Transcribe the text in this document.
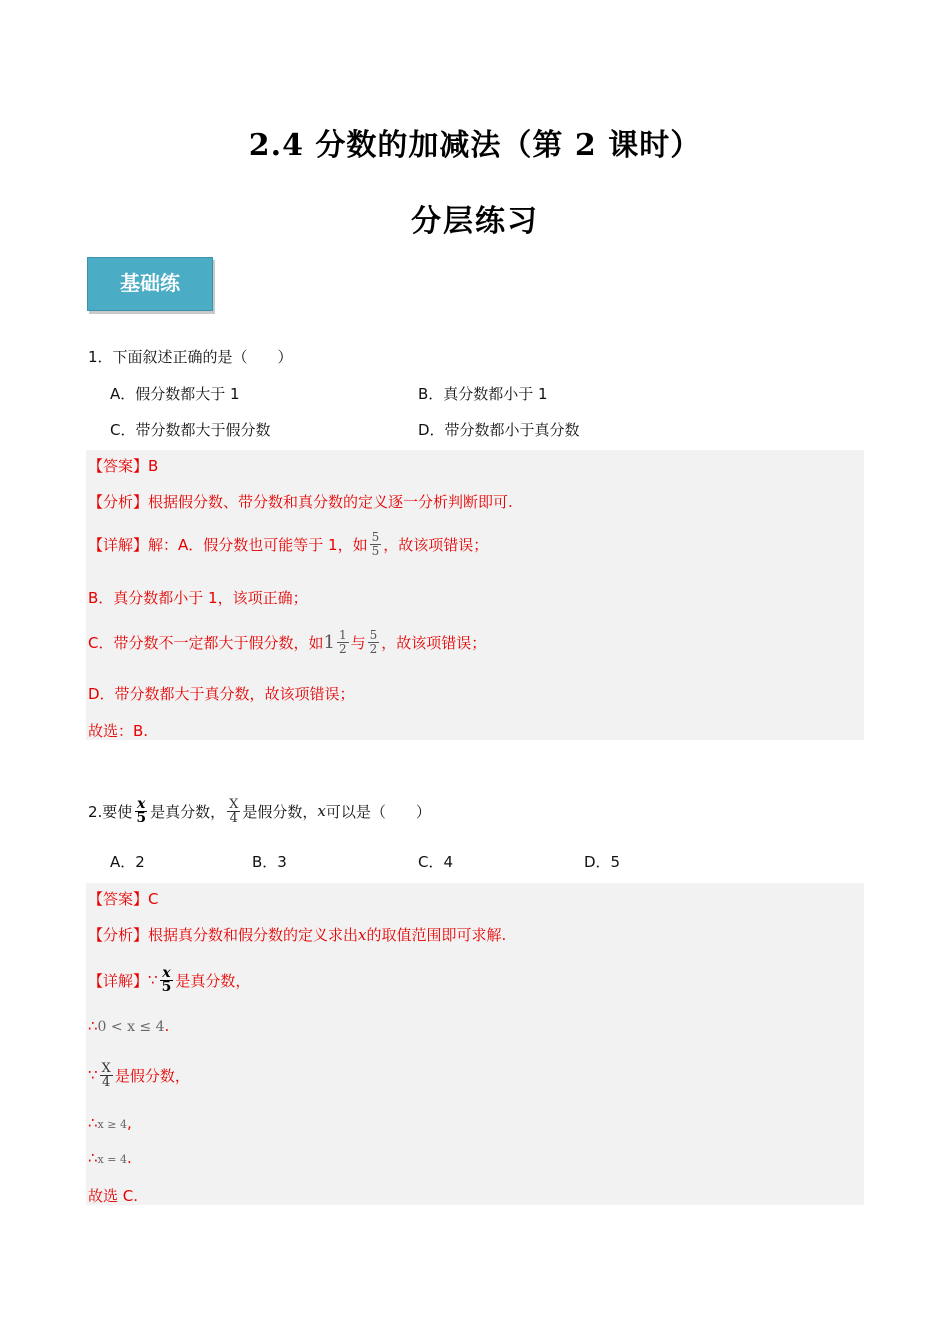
2.4 分数的加减法（第 2 课时）
分层练习
基础练
1．下面叙述正确的是（　　）
A．假分数都大于 1	B．真分数都小于 1
C．带分数都大于假分数	D．带分数都小于真分数
【答案】B
【分析】根据假分数、带分数和真分数的定义逐一分析判断即可.
【详解】 解：A．假分数也可能等于 1，如 $\frac{5}{5}$ ，故该项错误；
B．真分数都小于 1，该项正确；
C．带分数不一定都大于假分数，如 $1 \frac{1}{2}$ 与 $\frac{5}{2}$ ，故该项错误；
D．带分数都大于真分数，故该项错误；
故选：B.
2.要使 $\frac{x}{5}$ 是真分数， $\frac{X}{4}$ 是假分数， x 可以是（　　）
A．2	B．3	C．4	D．5
【答案】C
【分析】根据真分数和假分数的定义求出x的取值范围即可求解.
【详解】 ∵ $\frac{x}{5}$ 是真分数，
∴0 < x ≤ 4.
∵ $\frac{X}{4}$ 是假分数，
∴x ≥ 4,
∴x = 4.
故选 C.
